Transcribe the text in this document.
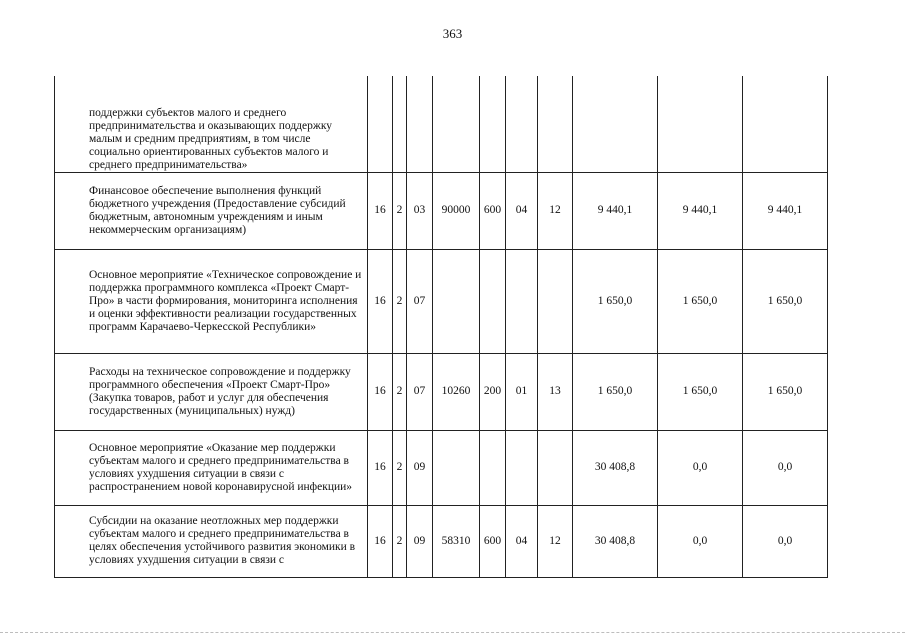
363
поддержки субъектов малого и среднего предпринимательства и оказывающих поддержку малым и средним предприятиям, в том числе социально ориентированных субъектов малого и среднего предпринимательства»										

Финансовое обеспечение выполнения функций бюджетного учреждения (Предоставление субсидий бюджетным, автономным учреждениям и иным некоммерческим организациям)	16	2	03	90000	600	04	12	9 440,1	9 440,1	9 440,1

Основное мероприятие «Техническое сопровождение и поддержка программного комплекса «Проект Смарт-Про» в части формирования, мониторинга исполнения и оценки эффективности реализации государственных программ Карачаево-Черкесской Республики»	16	2	07					1 650,0	1 650,0	1 650,0

Расходы на техническое сопровождение и поддержку программного обеспечения «Проект Смарт-Про» (Закупка товаров, работ и услуг для обеспечения государственных (муниципальных) нужд)	16	2	07	10260	200	01	13	1 650,0	1 650,0	1 650,0

Основное мероприятие «Оказание мер поддержки субъектам малого и среднего предпринимательства в условиях ухудшения ситуации в связи с распространением новой коронавирусной инфекции»	16	2	09					30 408,8	0,0	0,0

Субсидии на оказание неотложных мер поддержки субъектам малого и среднего предпринимательства в целях обеспечения устойчивого развития экономики в условиях ухудшения ситуации в связи с	16	2	09	58310	600	04	12	30 408,8	0,0	0,0
